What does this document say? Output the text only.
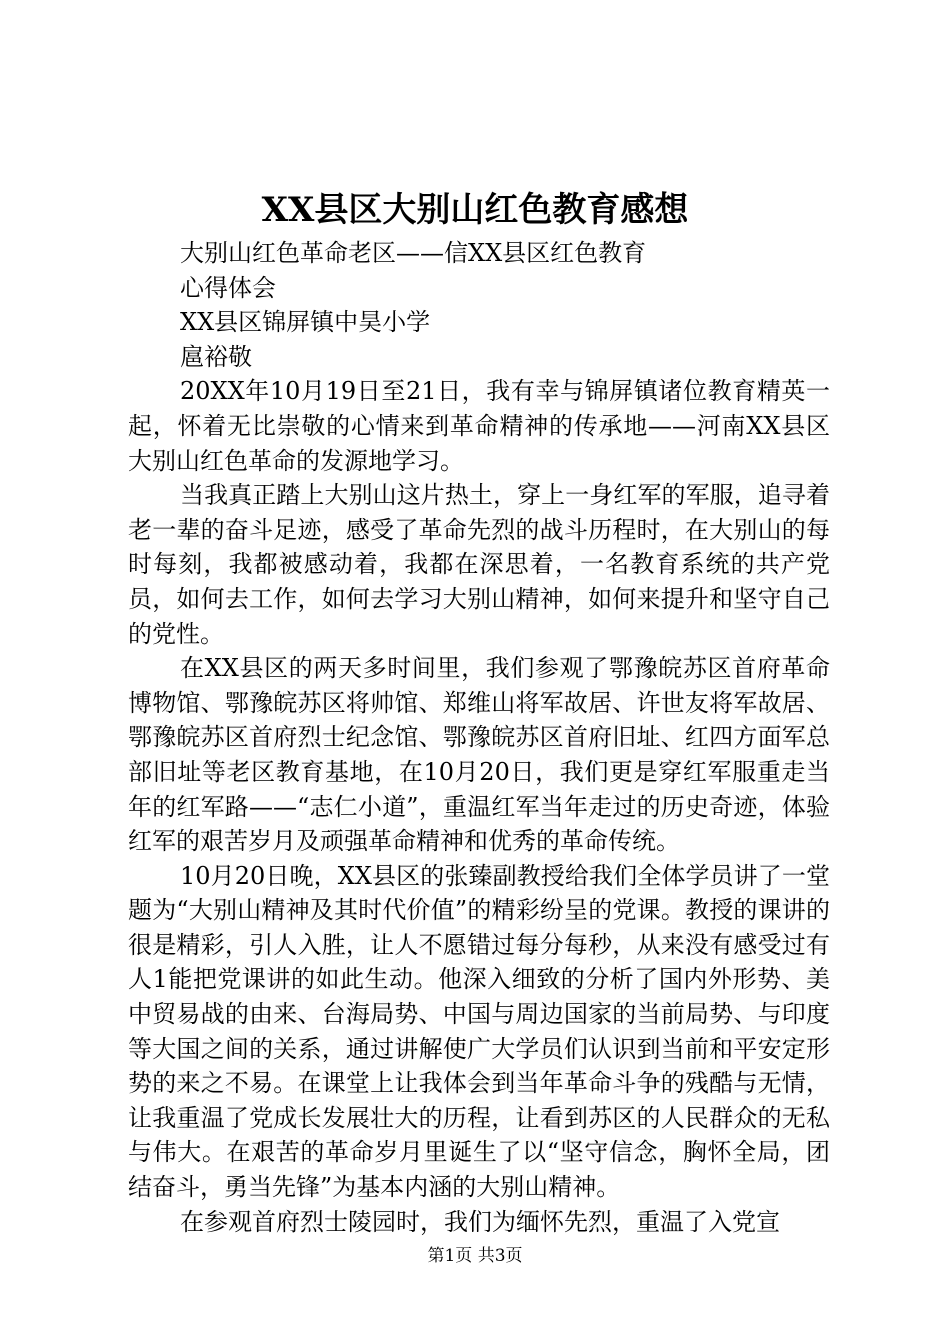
XX县区大别山红色教育感想

大别山红色革命老区——信XX县区红色教育

心得体会

XX县区锦屏镇中昊小学

扈裕敬

20XX年10月19日至21日，我有幸与锦屏镇诸位教育精英一起，怀着无比崇敬的心情来到革命精神的传承地——河南XX县区大别山红色革命的发源地学习。

当我真正踏上大别山这片热土，穿上一身红军的军服，追寻着老一辈的奋斗足迹，感受了革命先烈的战斗历程时，在大别山的每时每刻，我都被感动着，我都在深思着，一名教育系统的共产党员，如何去工作，如何去学习大别山精神，如何来提升和坚守自己的党性。

在XX县区的两天多时间里，我们参观了鄂豫皖苏区首府革命博物馆、鄂豫皖苏区将帅馆、郑维山将军故居、许世友将军故居、鄂豫皖苏区首府烈士纪念馆、鄂豫皖苏区首府旧址、红四方面军总部旧址等老区教育基地，在10月20日，我们更是穿红军服重走当年的红军路——“志仁小道”，重温红军当年走过的历史奇迹，体验红军的艰苦岁月及顽强革命精神和优秀的革命传统。

10月20日晚，XX县区的张臻副教授给我们全体学员讲了一堂题为“大别山精神及其时代价值”的精彩纷呈的党课。教授的课讲的很是精彩，引人入胜，让人不愿错过每分每秒，从来没有感受过有人1能把党课讲的如此生动。他深入细致的分析了国内外形势、美中贸易战的由来、台海局势、中国与周边国家的当前局势、与印度等大国之间的关系，通过讲解使广大学员们认识到当前和平安定形势的来之不易。在课堂上让我体会到当年革命斗争的残酷与无情，让我重温了党成长发展壮大的历程，让看到苏区的人民群众的无私与伟大。在艰苦的革命岁月里诞生了以“坚守信念，胸怀全局，团结奋斗，勇当先锋”为基本内涵的大别山精神。

在参观首府烈士陵园时，我们为缅怀先烈，重温了入党宣

第1页 共3页
